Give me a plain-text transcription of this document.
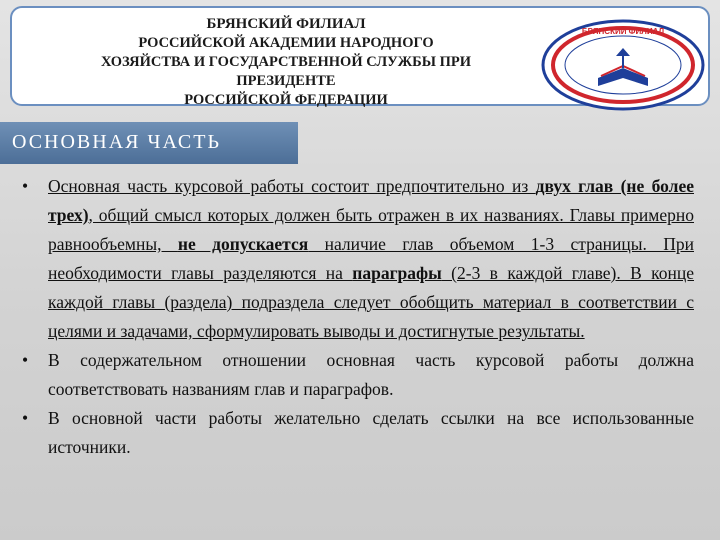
БРЯНСКИЙ ФИЛИАЛ
РОССИЙСКОЙ АКАДЕМИИ НАРОДНОГО
ХОЗЯЙСТВА И ГОСУДАРСТВЕННОЙ СЛУЖБЫ ПРИ
ПРЕЗИДЕНТЕ
РОССИЙСКОЙ ФЕДЕРАЦИИ
БРЯНСКИЙ ФИЛИАЛ
ОСНОВНАЯ ЧАСТЬ
• Основная часть курсовой работы состоит предпочтительно из двух глав (не более трех), общий смысл которых должен быть отражен в их названиях. Главы примерно равнообъемны, не допускается наличие глав объемом 1-3 страницы. При необходимости главы разделяются на параграфы (2-3 в каждой главе). В конце каждой главы (раздела) подраздела следует обобщить материал в соответствии с целями и задачами, сформулировать выводы и достигнутые результаты.
• В содержательном отношении основная часть курсовой работы должна соответствовать названиям глав и параграфов.
• В основной части работы желательно сделать ссылки на все использованные источники.
